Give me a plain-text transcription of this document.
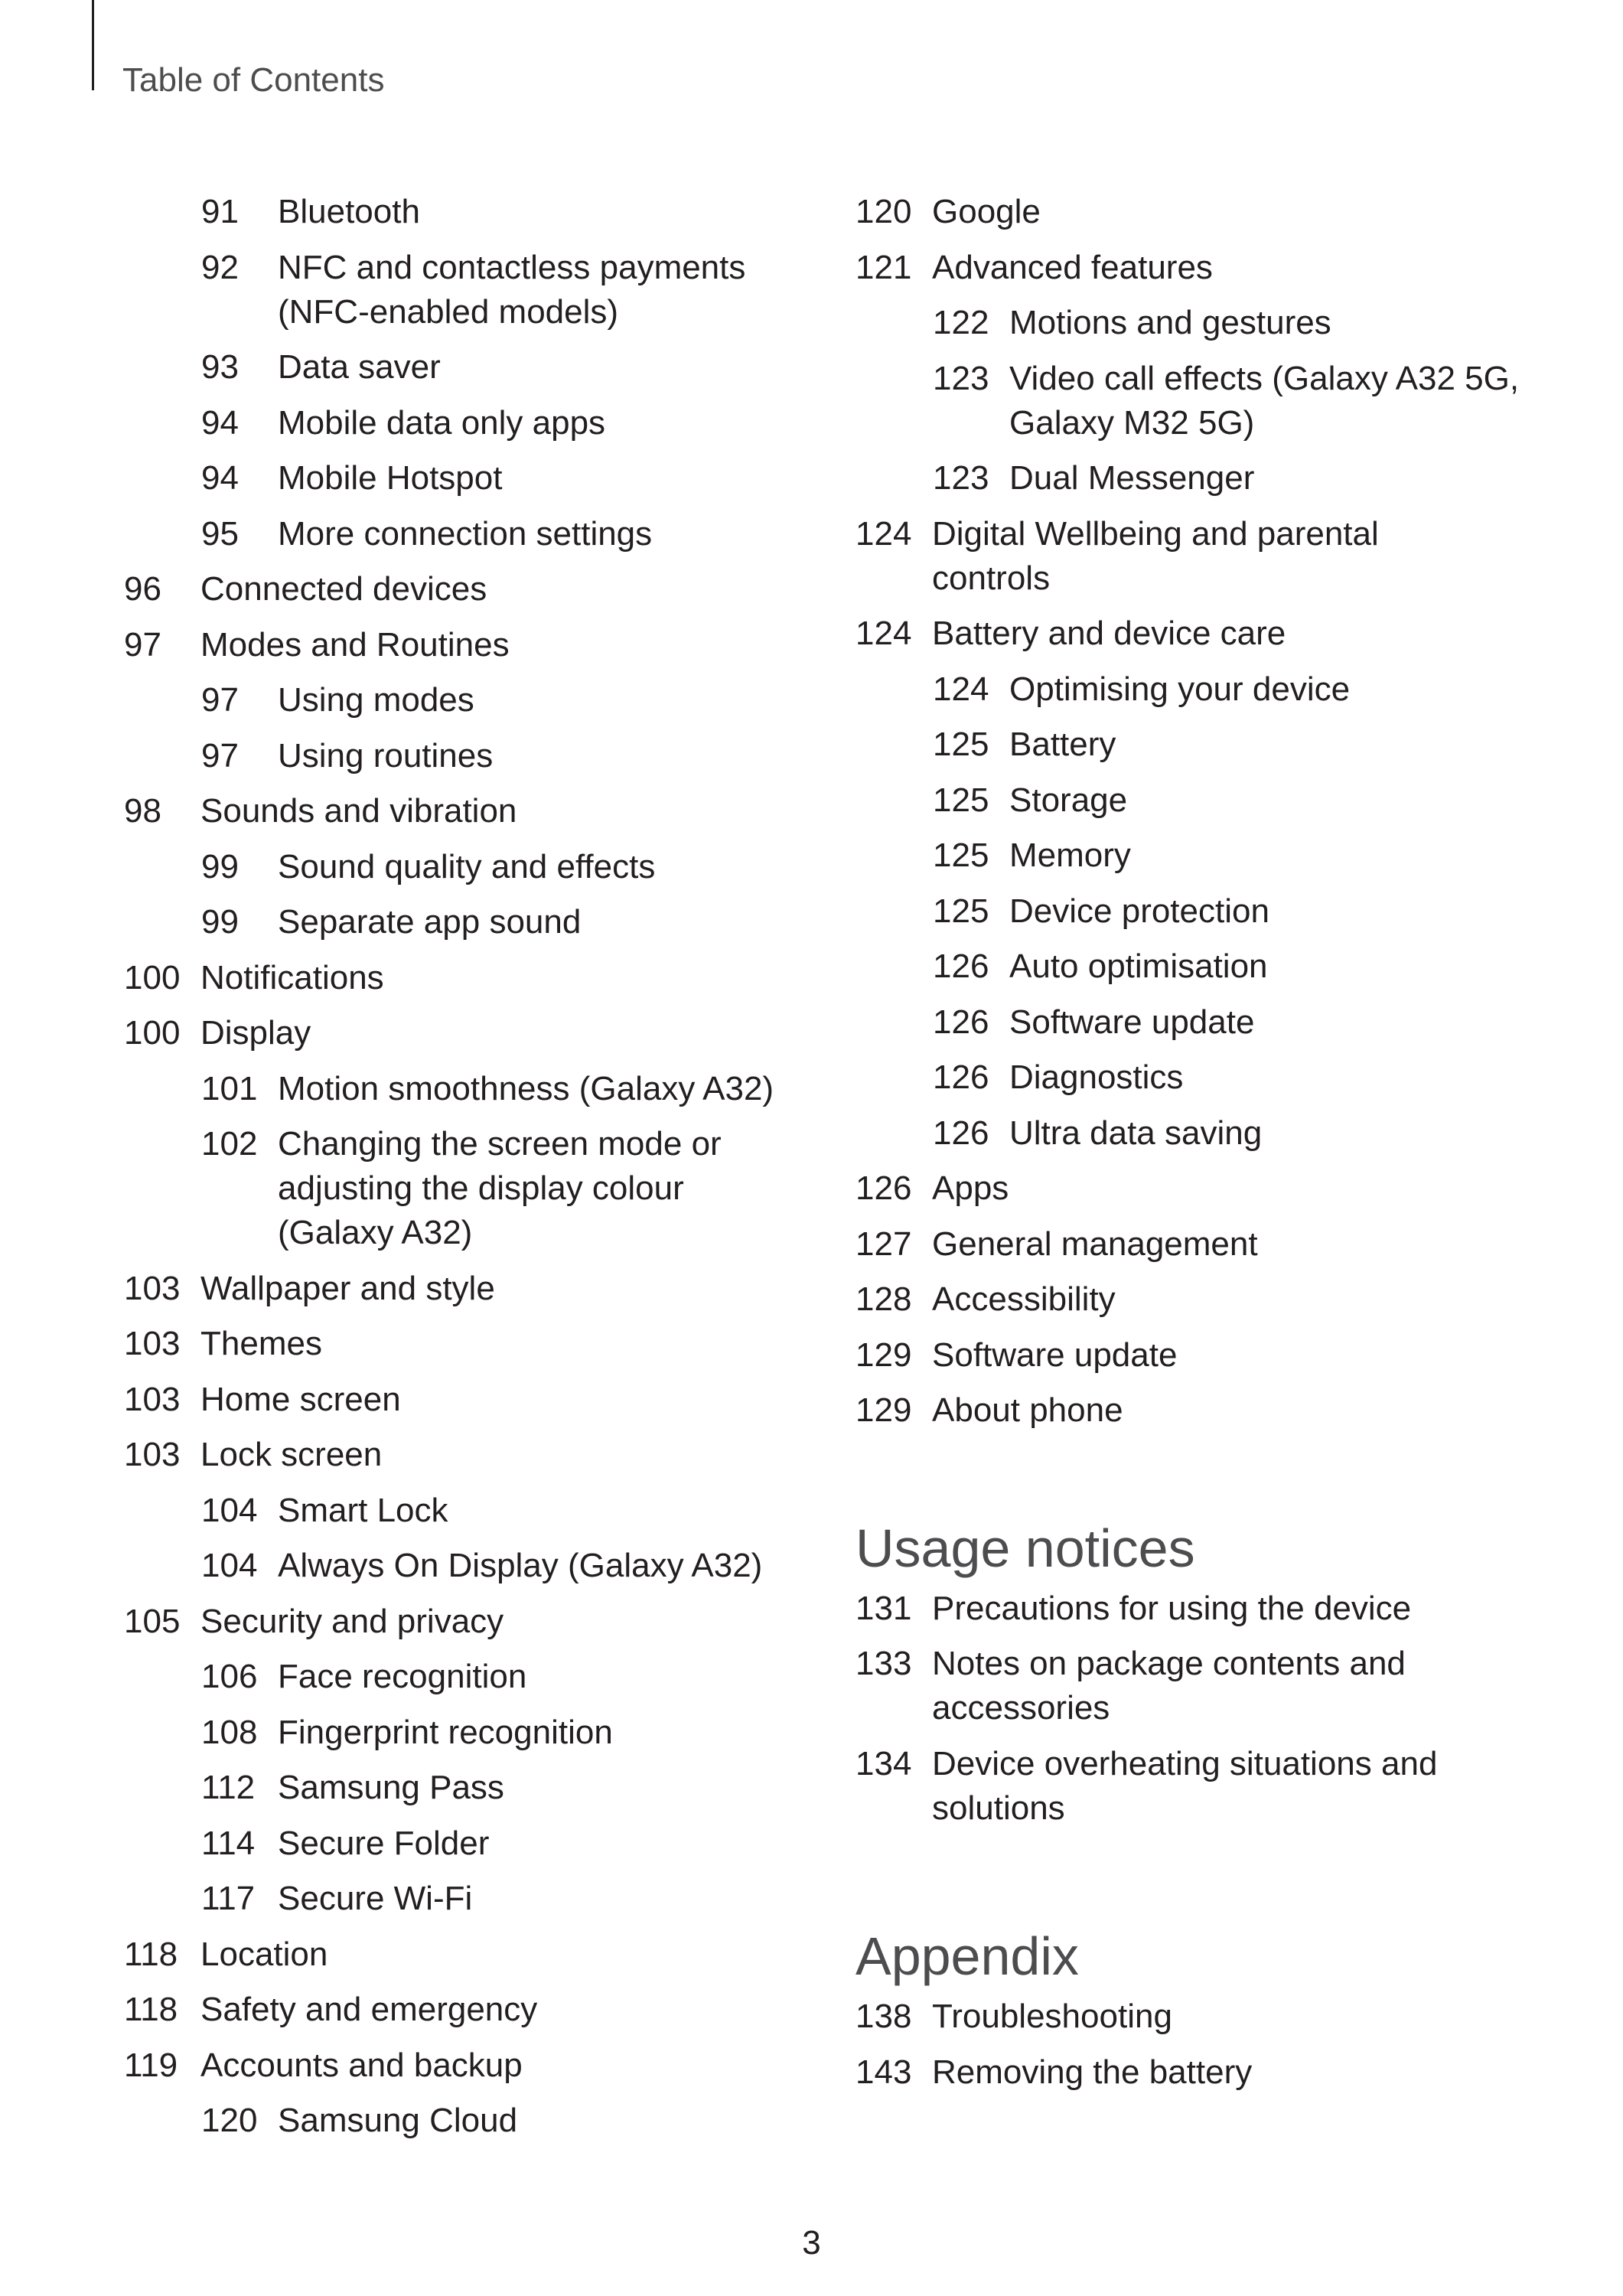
Table of Contents
91	Bluetooth
92	NFC and contactless payments
(NFC-enabled models)
93	Data saver
94	Mobile data only apps
94	Mobile Hotspot
95	More connection settings
96	Connected devices
97	Modes and Routines
97	Using modes
97	Using routines
98	Sounds and vibration
99	Sound quality and effects
99	Separate app sound
100 Notifications
100 Display
101 Motion smoothness (Galaxy A32)
102 Changing the screen mode or
adjusting the display colour
(Galaxy A32)
103 Wallpaper and style
103 Themes
103 Home screen
103 Lock screen
104 Smart Lock
104 Always On Display (Galaxy A32)
105 Security and privacy
106 Face recognition
108 Fingerprint recognition
112 Samsung Pass
114 Secure Folder
117 Secure Wi-Fi
118 Location
118 Safety and emergency
119 Accounts and backup
120 Samsung Cloud
120 Google
121 Advanced features
122 Motions and gestures
123 Video call effects (Galaxy A32 5G,
Galaxy M32 5G)
123 Dual Messenger
124 Digital Wellbeing and parental
controls
124 Battery and device care
124 Optimising your device
125 Battery
125 Storage
125 Memory
125 Device protection
126 Auto optimisation
126 Software update
126 Diagnostics
126 Ultra data saving
126 Apps
127 General management
128 Accessibility
129 Software update
129 About phone
Usage notices
131 Precautions for using the device
133 Notes on package contents and
accessories
134 Device overheating situations and
solutions
Appendix
138 Troubleshooting
143 Removing the battery
3
